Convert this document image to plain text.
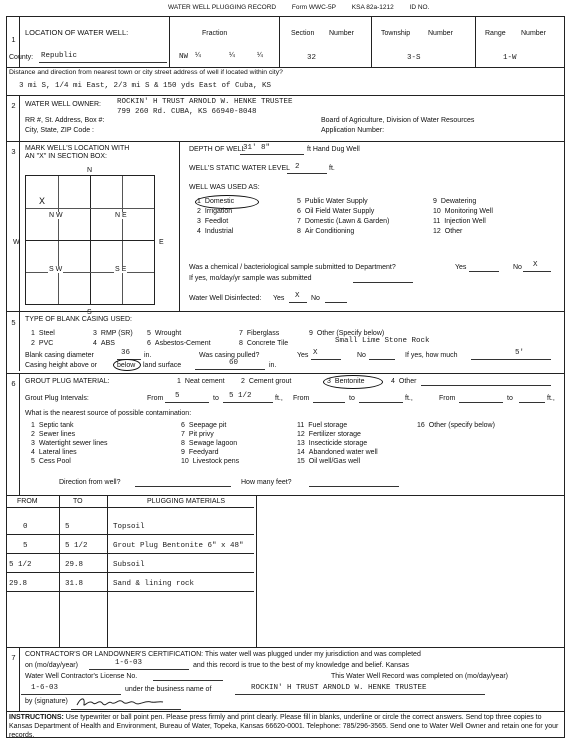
WATER WELL PLUGGING RECORD Form WWC-5P KSA 82a-1212 ID NO.
1
LOCATION OF WATER WELL:
County: Republic
Fraction
NW ¼	¼	¼
Section Number
32
Township	Number
3-S
Range Number
1-W
Distance and direction from nearest town or city street address of well if located within city?
3 mi S, 1/4 mi East, 2/3 mi S & 150 yds East of Cuba, KS
2	WATER WELL OWNER: ROCKIN' H TRUST ARNOLD W. HENKE TRUSTEE
799 260 Rd. CUBA, KS 66940-8048
RR #, St. Address, Box #:
City, State, ZIP Code :
Board of Agriculture, Division of Water Resources
Application Number:
3	MARK WELL'S LOCATION WITH
AN "X" IN SECTION BOX:
N
S
W	E
N W	N E
S W	S E
X
DEPTH OF WELL
31' 8"	ft Hand Dug Well
WELL'S STATIC WATER LEVEL 2	ft.
WELL WAS USED AS:
1 Domestic
2 Irrigation
3 Feedlot
4 Industrial
5 Public Water Supply
6 Oil Field Water Supply
7 Domestic (Lawn & Garden)
8 Air Conditioning
9 Dewatering
10 Monitoring Well
11 Injection Well
12 Other
Was a chemical / bacteriological sample submitted to Department?	Yes	No X
If yes, mo/day/yr sample was submitted
Water Well Disinfected: Yes X No
5	TYPE OF BLANK CASING USED:
1 Steel
2 PVC
3 RMP (SR)
4 ABS
5 Wrought
6 Asbestos-Cement
7 Fiberglass
8 Concrete Tile
9 Other (Specify below)
Small Lime Stone Rock
Blank casing diameter	36 in.	Was casing pulled?	Yes X	No	If yes, how much	5'
Casing height above or	below land surface	60	in.
6	GROUT PLUG MATERIAL:	1 Neat cement 2 Cement grout	3 Bentonite	4 Other
Grout Plug Intervals:	From 5	to 5 1/2	ft., From	to	ft.,	From	to	ft.,
What is the nearest source of possible contamination:
1 Septic tank
2 Sewer lines
3 Watertight sewer lines
4 Lateral lines
5 Cess Pool
6 Seepage pit
7 Pit privy
8 Sewage lagoon
9 Feedyard
10 Livestock pens
11 Fuel storage
12 Fertilizer storage
13 Insecticide storage
14 Abandoned water well
15 Oil well/Gas well
16 Other (specify below)
Direction from well?	How many feet?
FROM	TO	PLUGGING MATERIALS
0	5	Topsoil
5	5 1/2	Grout Plug Bentonite 6" x 48"
5 1/2	29.8	Subsoil
29.8	31.8	Sand & lining rock
7	CONTRACTOR'S OR LANDOWNER'S CERTIFICATION: This water well was plugged under my jurisdiction and was completed
on (mo/day/year)	1-6-03	and this record is true to the best of my knowledge and belief. Kansas
Water Well Contractor's License No.	This Water Well Record was completed on (mo/day/year)
1-6-03	under the business name of	ROCKIN' H TRUST ARNOLD W. HENKE TRUSTEE
by (signature)
INSTRUCTIONS: Use typewriter or ball point pen. Please press firmly and print clearly. Please fill in blanks, underline or circle the correct answers. Send top three copies to Kansas Department of Health and Environment, Bureau of Water, Topeka, Kansas 66620-0001. Telephone: 785/296-3565. Send one to Water Well Owner and retain one for your records.
